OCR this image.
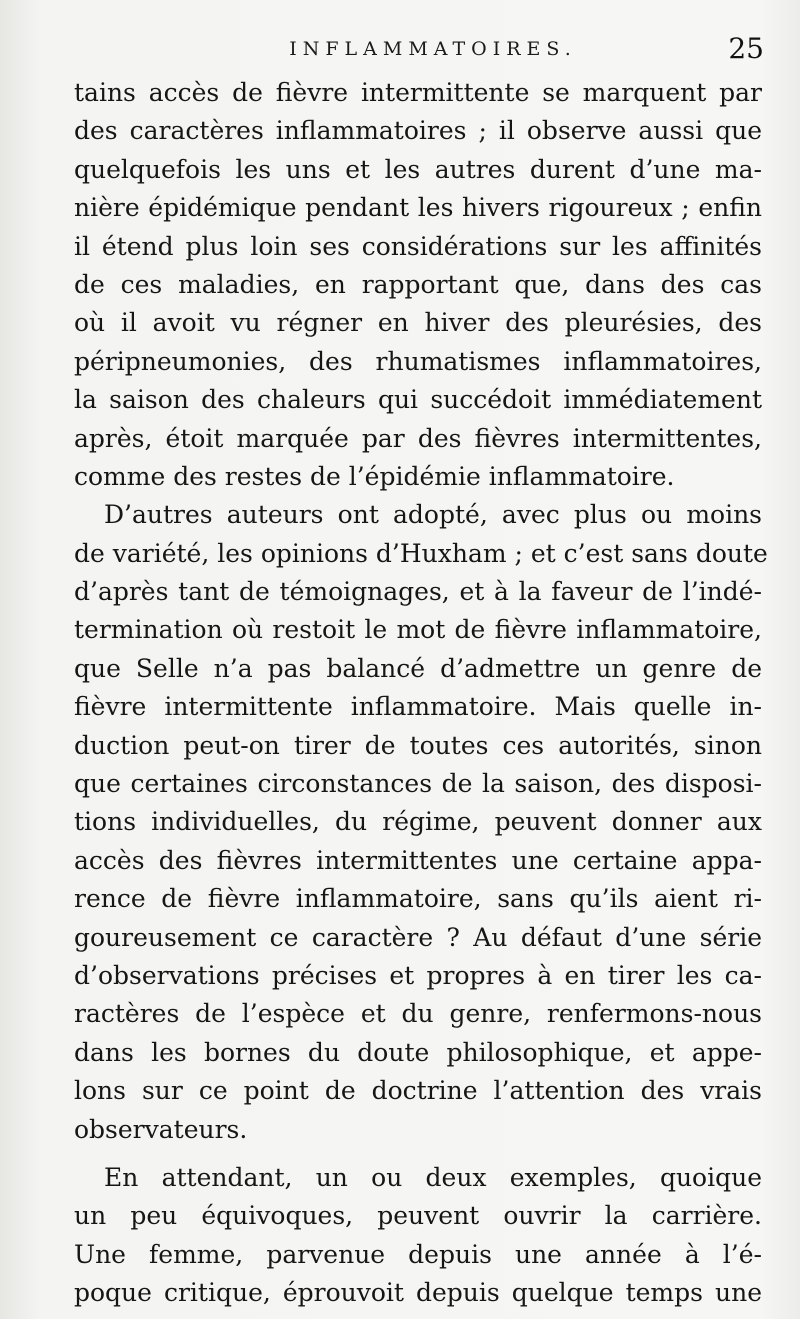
INFLAMMATOIRES.	25
tains accès de fièvre intermittente se marquent par
des caractères inflammatoires ; il observe aussi que
quelquefois les uns et les autres durent d’une ma-
nière épidémique pendant les hivers rigoureux ; enfin
il étend plus loin ses considérations sur les affinités
de ces maladies, en rapportant que, dans des cas
où il avoit vu régner en hiver des pleurésies, des
péripneumonies, des rhumatismes inflammatoires,
la saison des chaleurs qui succédoit immédiatement
après, étoit marquée par des fièvres intermittentes,
comme des restes de l’épidémie inflammatoire.
D’autres auteurs ont adopté, avec plus ou moins
de variété, les opinions d’Huxham ; et c’est sans doute
d’après tant de témoignages, et à la faveur de l’indé-
termination où restoit le mot de fièvre inflammatoire,
que Selle n’a pas balancé d’admettre un genre de
fièvre intermittente inflammatoire. Mais quelle in-
duction peut-on tirer de toutes ces autorités, sinon
que certaines circonstances de la saison, des disposi-
tions individuelles, du régime, peuvent donner aux
accès des fièvres intermittentes une certaine appa-
rence de fièvre inflammatoire, sans qu’ils aient ri-
goureusement ce caractère ? Au défaut d’une série
d’observations précises et propres à en tirer les ca-
ractères de l’espèce et du genre, renfermons-nous
dans les bornes du doute philosophique, et appe-
lons sur ce point de doctrine l’attention des vrais
observateurs.
En attendant, un ou deux exemples, quoique
un peu équivoques, peuvent ouvrir la carrière.
Une femme, parvenue depuis une année à l’é-
poque critique, éprouvoit depuis quelque temps une
